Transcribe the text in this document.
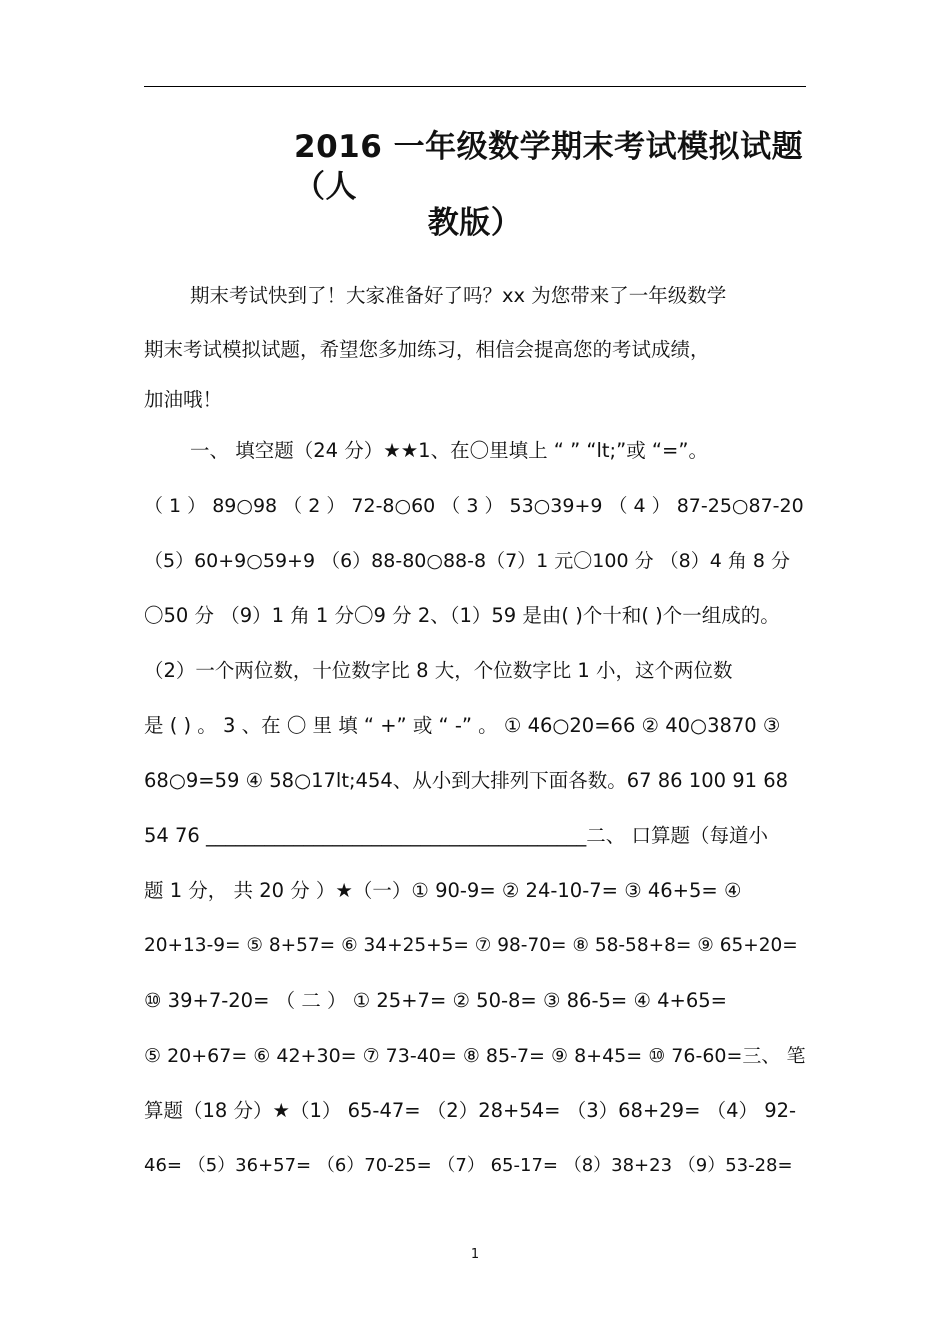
2016 一年级数学期末考试模拟试题（人
教版）
期末考试快到了！大家准备好了吗？xx 为您带来了一年级数学
期末考试模拟试题，希望您多加练习，相信会提高您的考试成绩，
加油哦！
一、 填空题（24 分）★★1、在〇里填上 “ ” “lt;”或 “=”。
（ 1 ） 89○98 （ 2 ） 72-8○60 （ 3 ） 53○39+9 （ 4 ） 87-25○87-20
（5）60+9○59+9 （6）88-80○88-8（7）1 元〇100 分 （8）4 角 8 分
〇50 分 （9）1 角 1 分〇9 分 2、（1）59 是由( )个十和( )个一组成的。
（2）一个两位数，十位数字比 8 大，个位数字比 1 小，这个两位数
是 ( ) 。 3 、在 〇 里 填 “ +” 或 “ -” 。 ① 46○20=66 ② 40○3870 ③
68○9=59 ④ 58○17lt;454、从小到大排列下面各数。67 86 100 91 68
54 76 _______________________________________二、 口算题（每道小
题 1 分， 共 20 分 ）★（一）① 90-9= ② 24-10-7= ③ 46+5= ④
20+13-9= ⑤ 8+57= ⑥ 34+25+5= ⑦ 98-70= ⑧ 58-58+8= ⑨ 65+20=
⑩ 39+7-20= （ 二 ） ① 25+7= ② 50-8= ③ 86-5= ④ 4+65=
⑤ 20+67= ⑥ 42+30= ⑦ 73-40= ⑧ 85-7= ⑨ 8+45= ⑩ 76-60=三、 笔
算题（18 分）★（1） 65-47= （2）28+54= （3）68+29= （4） 92-
46= （5）36+57= （6）70-25= （7） 65-17= （8）38+23 （9）53-28=
1
